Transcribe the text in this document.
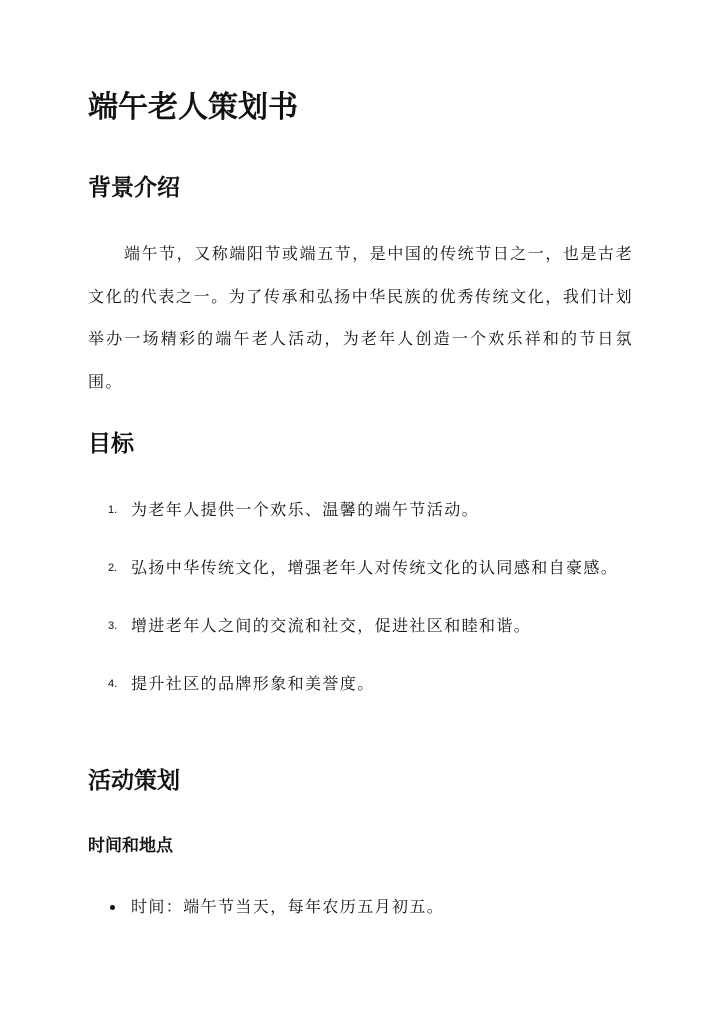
端午老人策划书
背景介绍

端午节，又称端阳节或端五节，是中国的传统节日之一，也是古老文化的代表之一。为了传承和弘扬中华民族的优秀传统文化，我们计划举办一场精彩的端午老人活动，为老年人创造一个欢乐祥和的节日氛围。

目标
1. 为老年人提供一个欢乐、温馨的端午节活动。
2. 弘扬中华传统文化，增强老年人对传统文化的认同感和自豪感。
3. 增进老年人之间的交流和社交，促进社区和睦和谐。
4. 提升社区的品牌形象和美誉度。
活动策划
时间和地点
时间：端午节当天，每年农历五月初五。
